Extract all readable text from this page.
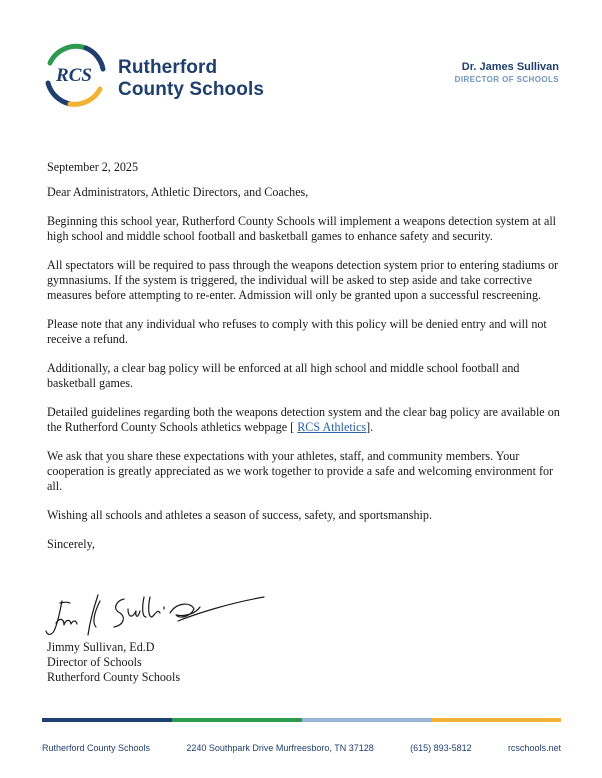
RCS Rutherford
County Schools
Dr. James Sullivan
DIRECTOR OF SCHOOLS

September 2, 2025

Dear Administrators, Athletic Directors, and Coaches,

Beginning this school year, Rutherford County Schools will implement a weapons detection system at all high school and middle school football and basketball games to enhance safety and security.

All spectators will be required to pass through the weapons detection system prior to entering stadiums or gymnasiums. If the system is triggered, the individual will be asked to step aside and take corrective measures before attempting to re-enter. Admission will only be granted upon a successful rescreening.

Please note that any individual who refuses to comply with this policy will be denied entry and will not receive a refund.

Additionally, a clear bag policy will be enforced at all high school and middle school football and basketball games.

Detailed guidelines regarding both the weapons detection system and the clear bag policy are available on the Rutherford County Schools athletics webpage [ RCS Athletics].

We ask that you share these expectations with your athletes, staff, and community members. Your cooperation is greatly appreciated as we work together to provide a safe and welcoming environment for all.

Wishing all schools and athletes a season of success, safety, and sportsmanship.

Sincerely,

Jimmy Sullivan, Ed.D
Director of Schools
Rutherford County Schools
Rutherford County Schools	2240 Southpark Drive Murfreesboro, TN 37128	(615) 893-5812	rcschools.net
